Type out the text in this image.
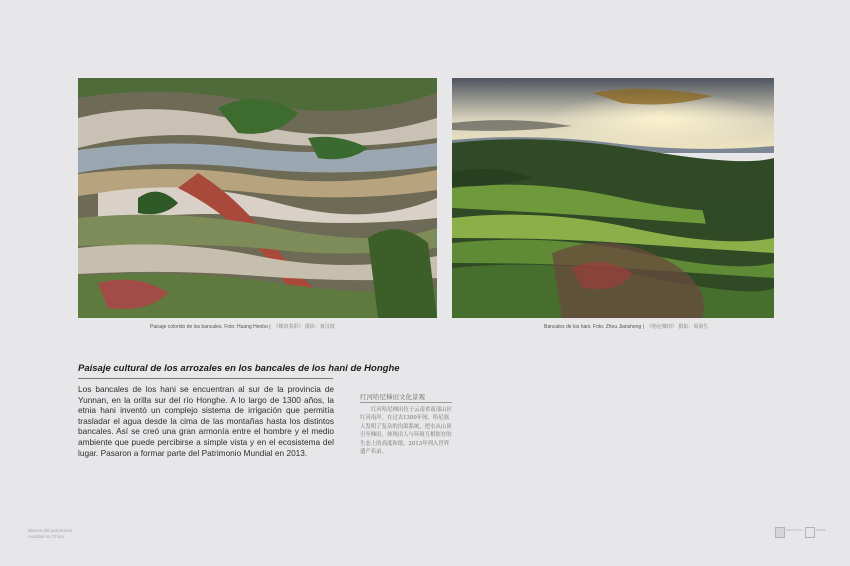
Paisaje colorido de los bancales. Foto: Huang Henbo | 《梯田奏彩》 摄影：黄汉波	Bancales de los hani. Foto: Zhou Jiansheng | 《哈尼梯田》 摄影：周剑生
Paisaje cultural de los arrozales en los bancales de los hani de Honghe

Los bancales de los hani se encuentran al sur de la provincia de Yunnan, en la orilla sur del río Honghe. A lo largo de 1300 años, la etnia hani inventó un complejo sistema de irrigación que permitía trasladar el agua desde la cima de las montañas hasta los distintos bancales. Así se creó una gran armonía entre el hombre y el medio ambiente que puede percibirse a simple vista y en el ecosistema del lugar. Pasaron a formar parte del Patrimonio Mundial en 2013.

红河哈尼梯田文化景观

红河哈尼梯田位于云南省南部山区红河南岸。在过去1300年间，哈尼族人发明了复杂的沟渠系统，把水从山顶引至梯田，体现出人与环境互相依存的生态上的高度和谐。2013年列入世界遗产名录。

Bienes del patrimonio
mundial en China

INSTITUTO	CHINA
